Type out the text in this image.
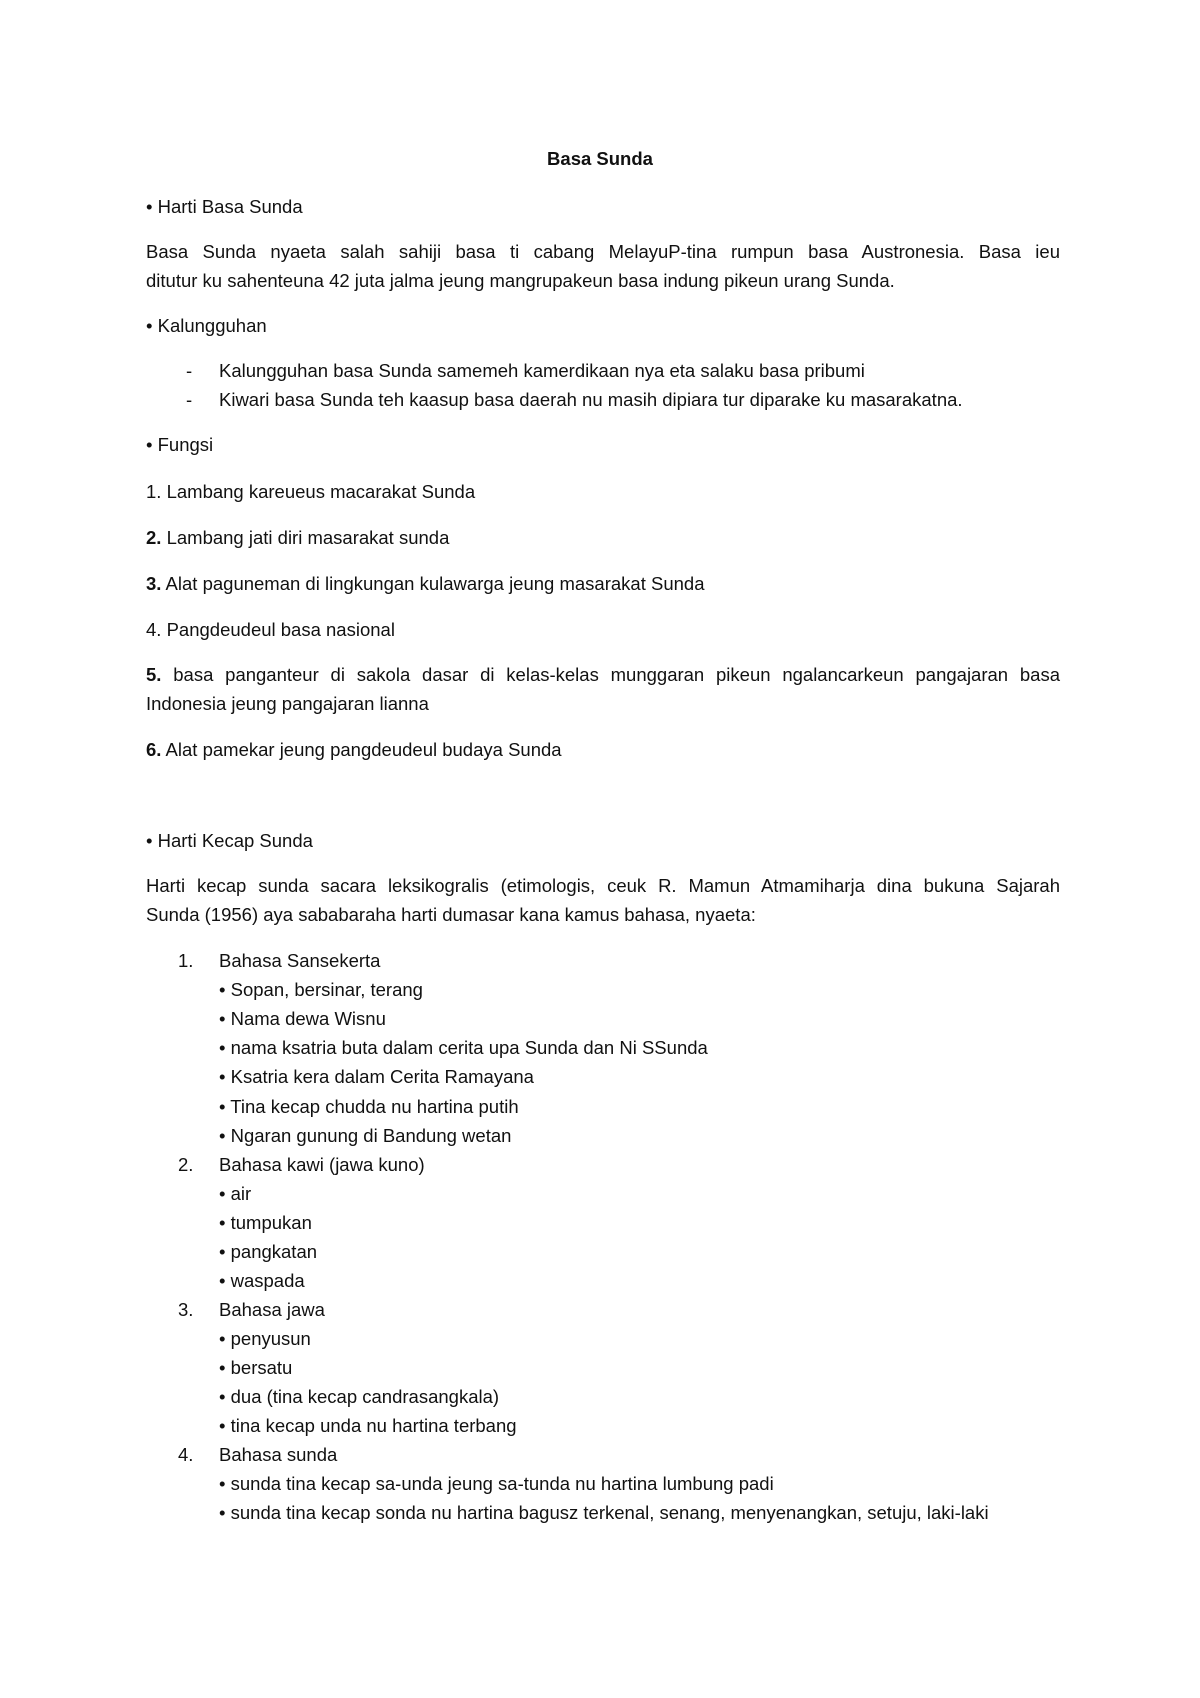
Basa Sunda
• Harti Basa Sunda
Basa Sunda nyaeta salah sahiji basa ti cabang MelayuP-tina rumpun basa Austronesia. Basa ieu
ditutur ku sahenteuna 42 juta jalma jeung mangrupakeun basa indung pikeun urang Sunda.
• Kalungguhan
- Kalungguhan basa Sunda samemeh kamerdikaan nya eta salaku basa pribumi
- Kiwari basa Sunda teh kaasup basa daerah nu masih dipiara tur diparake ku masarakatna.
• Fungsi
1. Lambang kareueus macarakat Sunda
2. Lambang jati diri masarakat sunda
3. Alat paguneman di lingkungan kulawarga jeung masarakat Sunda
4. Pangdeudeul basa nasional
5. basa panganteur di sakola dasar di kelas-kelas munggaran pikeun ngalancarkeun pangajaran basa
Indonesia jeung pangajaran lianna
6. Alat pamekar jeung pangdeudeul budaya Sunda
• Harti Kecap Sunda
Harti kecap sunda sacara leksikogralis (etimologis, ceuk R. Mamun Atmamiharja dina bukuna Sajarah
Sunda (1956) aya sababaraha harti dumasar kana kamus bahasa, nyaeta:
1. Bahasa Sansekerta
• Sopan, bersinar, terang
• Nama dewa Wisnu
• nama ksatria buta dalam cerita upa Sunda dan Ni SSunda
• Ksatria kera dalam Cerita Ramayana
• Tina kecap chudda nu hartina putih
• Ngaran gunung di Bandung wetan
2. Bahasa kawi (jawa kuno)
• air
• tumpukan
• pangkatan
• waspada
3. Bahasa jawa
• penyusun
• bersatu
• dua (tina kecap candrasangkala)
• tina kecap unda nu hartina terbang
4. Bahasa sunda
• sunda tina kecap sa-unda jeung sa-tunda nu hartina lumbung padi
• sunda tina kecap sonda nu hartina bagusz terkenal, senang, menyenangkan, setuju, laki-laki
